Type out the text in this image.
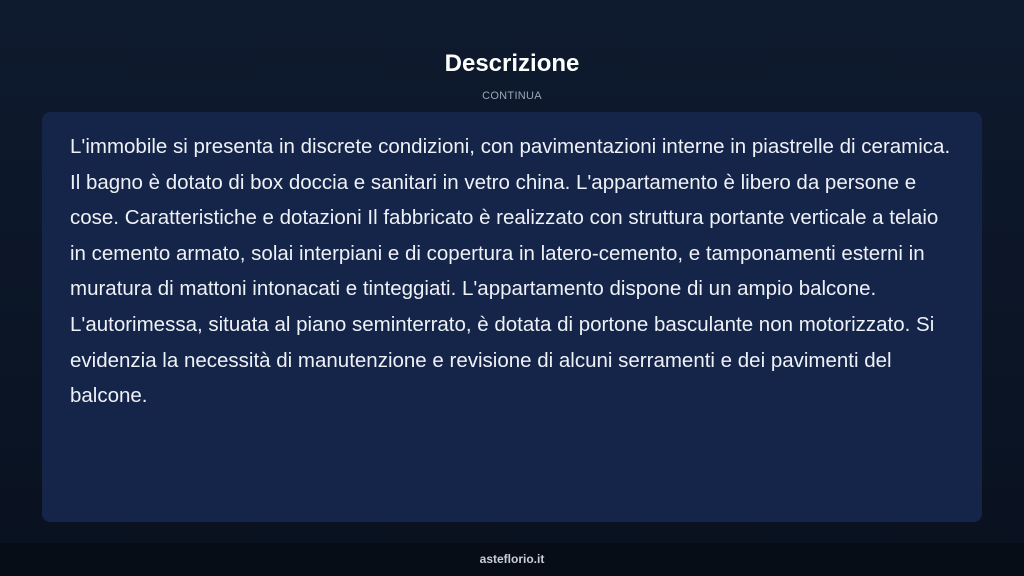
Descrizione
CONTINUA

L'immobile si presenta in discrete condizioni, con pavimentazioni interne in piastrelle di ceramica. Il bagno è dotato di box doccia e sanitari in vetro china. L'appartamento è libero da persone e cose. Caratteristiche e dotazioni Il fabbricato è realizzato con struttura portante verticale a telaio in cemento armato, solai interpiani e di copertura in latero-cemento, e tamponamenti esterni in muratura di mattoni intonacati e tinteggiati. L'appartamento dispone di un ampio balcone. L'autorimessa, situata al piano seminterrato, è dotata di portone basculante non motorizzato. Si evidenzia la necessità di manutenzione e revisione di alcuni serramenti e dei pavimenti del balcone.

asteflorio.it
